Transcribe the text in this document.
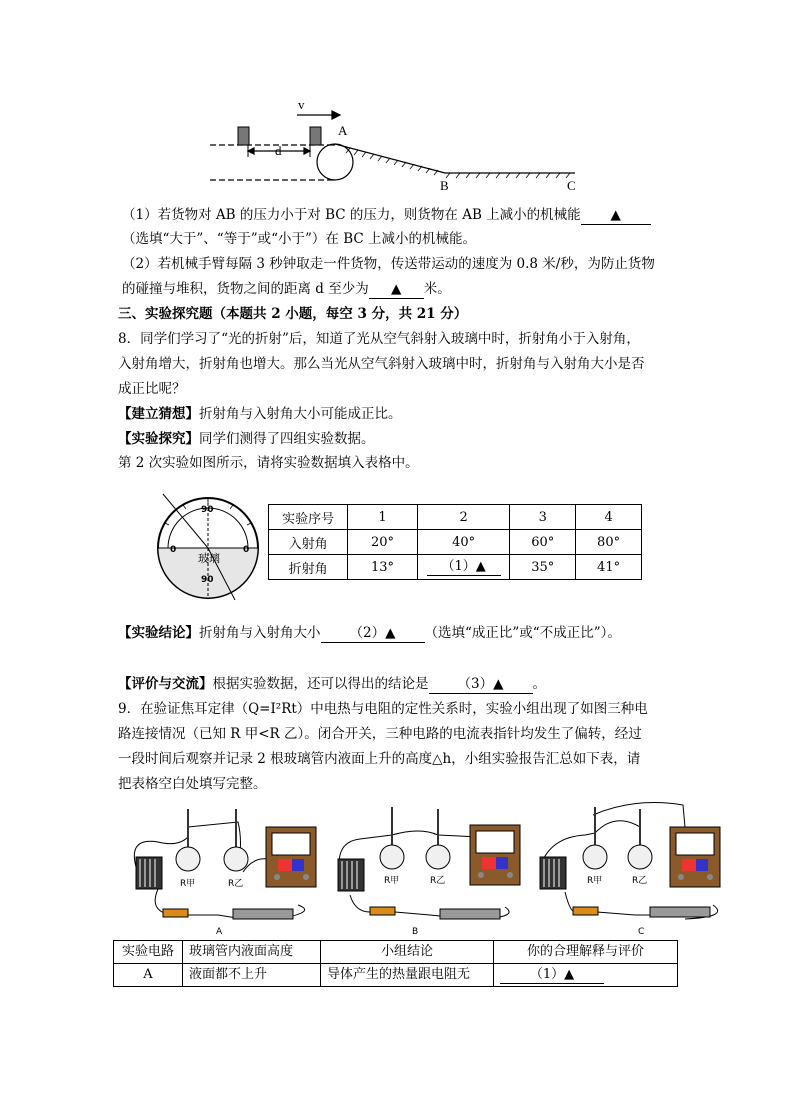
v
d
A
B	C
（1）若货物对 AB 的压力小于对 BC 的压力，则货物在 AB 上减小的机械能 ▲
（选填“大于”、“等于”或“小于”）在 BC 上减小的机械能。
（2）若机械手臂每隔 3 秒钟取走一件货物，传送带运动的速度为 0.8 米/秒，为防止货物
的碰撞与堆积，货物之间的距离 d 至少为 ▲ 米。
三、实验探究题（本题共 2 小题，每空 3 分，共 21 分）
8．同学们学习了“光的折射”后，知道了光从空气斜射入玻璃中时，折射角小于入射角，
入射角增大，折射角也增大。那么当光从空气斜射入玻璃中时，折射角与入射角大小是否
成正比呢？
【建立猜想】折射角与入射角大小可能成正比。
【实验探究】同学们测得了四组实验数据。
第 2 次实验如图所示，请将实验数据填入表格中。
90
90
0	0
玻璃
实验序号	1	2	3	4
入射角	20°	40°	60°	80°
折射角	13°	（1）▲	35°	41°
【实验结论】折射角与入射角大小 （2）▲ （选填“成正比”或“不成正比”）。
【评价与交流】根据实验数据，还可以得出的结论是 （3）▲ 。
9．在验证焦耳定律（Q=I²Rt）中电热与电阻的定性关系时，实验小组出现了如图三种电
路连接情况（已知 R 甲<R 乙）。闭合开关，三种电路的电流表指针均发生了偏转，经过
一段时间后观察并记录 2 根玻璃管内液面上升的高度△h，小组实验报告汇总如下表，请
把表格空白处填写完整。
R甲	R乙
A
R甲	R乙
B
R甲	R乙
C
实验电路	玻璃管内液面高度	小组结论	你的合理解释与评价
A	液面都不上升	导体产生的热量跟电阻无	（1）▲
